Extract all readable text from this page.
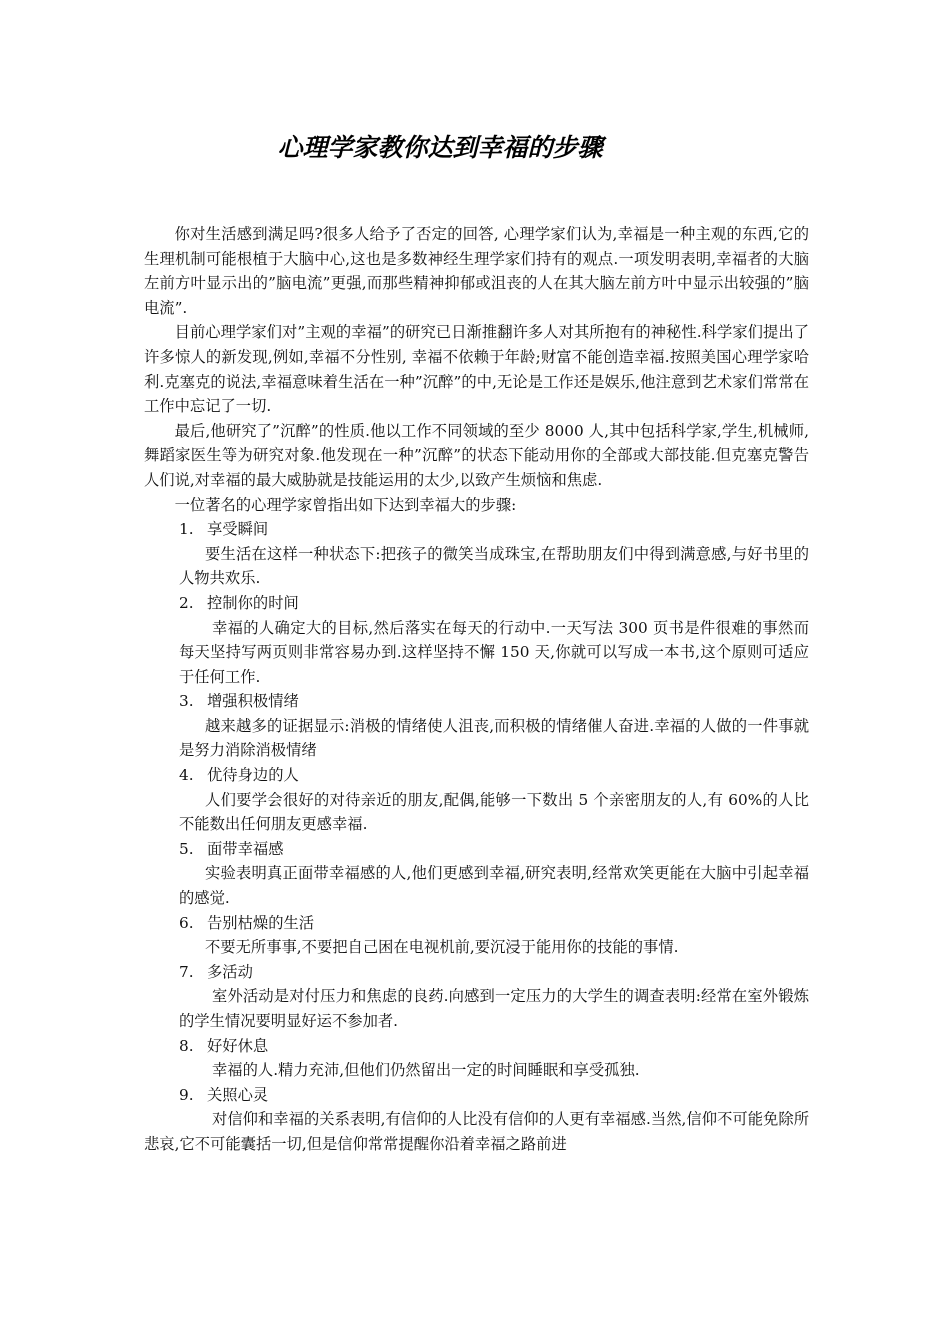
心理学家教你达到幸福的步骤

你对生活感到满足吗?很多人给予了否定的回答, 心理学家们认为,幸福是一种主观的东西,它的生理机制可能根植于大脑中心,这也是多数神经生理学家们持有的观点.一项发明表明,幸福者的大脑左前方叶显示出的”脑电流”更强,而那些精神抑郁或沮丧的人在其大脑左前方叶中显示出较强的”脑电流”.

目前心理学家们对”主观的幸福”的研究已日渐推翻许多人对其所抱有的神秘性.科学家们提出了许多惊人的新发现,例如,幸福不分性别, 幸福不依赖于年龄;财富不能创造幸福.按照美国心理学家哈利.克塞克的说法,幸福意味着生活在一种”沉醉”的中,无论是工作还是娱乐,他注意到艺术家们常常在工作中忘记了一切.

最后,他研究了”沉醉”的性质.他以工作不同领域的至少 8000 人,其中包括科学家,学生,机械师,舞蹈家医生等为研究对象.他发现在一种”沉醉”的状态下能动用你的全部或大部技能.但克塞克警告人们说,对幸福的最大威胁就是技能运用的太少,以致产生烦恼和焦虑.

一位著名的心理学家曾指出如下达到幸福大的步骤:

1. 享受瞬间

要生活在这样一种状态下:把孩子的微笑当成珠宝,在帮助朋友们中得到满意感,与好书里的人物共欢乐.

2. 控制你的时间

幸福的人确定大的目标,然后落实在每天的行动中.一天写法 300 页书是件很难的事然而每天坚持写两页则非常容易办到.这样坚持不懈 150 天,你就可以写成一本书,这个原则可适应于任何工作.

3. 增强积极情绪

越来越多的证据显示:消极的情绪使人沮丧,而积极的情绪催人奋进.幸福的人做的一件事就是努力消除消极情绪

4. 优待身边的人

人们要学会很好的对待亲近的朋友,配偶,能够一下数出 5 个亲密朋友的人,有 60%的人比不能数出任何朋友更感幸福.

5. 面带幸福感

实验表明真正面带幸福感的人,他们更感到幸福,研究表明,经常欢笑更能在大脑中引起幸福的感觉.

6. 告别枯燥的生活

不要无所事事,不要把自己困在电视机前,要沉浸于能用你的技能的事情.

7. 多活动

室外活动是对付压力和焦虑的良药.向感到一定压力的大学生的调查表明:经常在室外锻炼的学生情况要明显好运不参加者.

8. 好好休息

幸福的人.精力充沛,但他们仍然留出一定的时间睡眠和享受孤独.

9. 关照心灵

对信仰和幸福的关系表明,有信仰的人比没有信仰的人更有幸福感.当然,信仰不可能免除所悲哀,它不可能囊括一切,但是信仰常常提醒你沿着幸福之路前进
